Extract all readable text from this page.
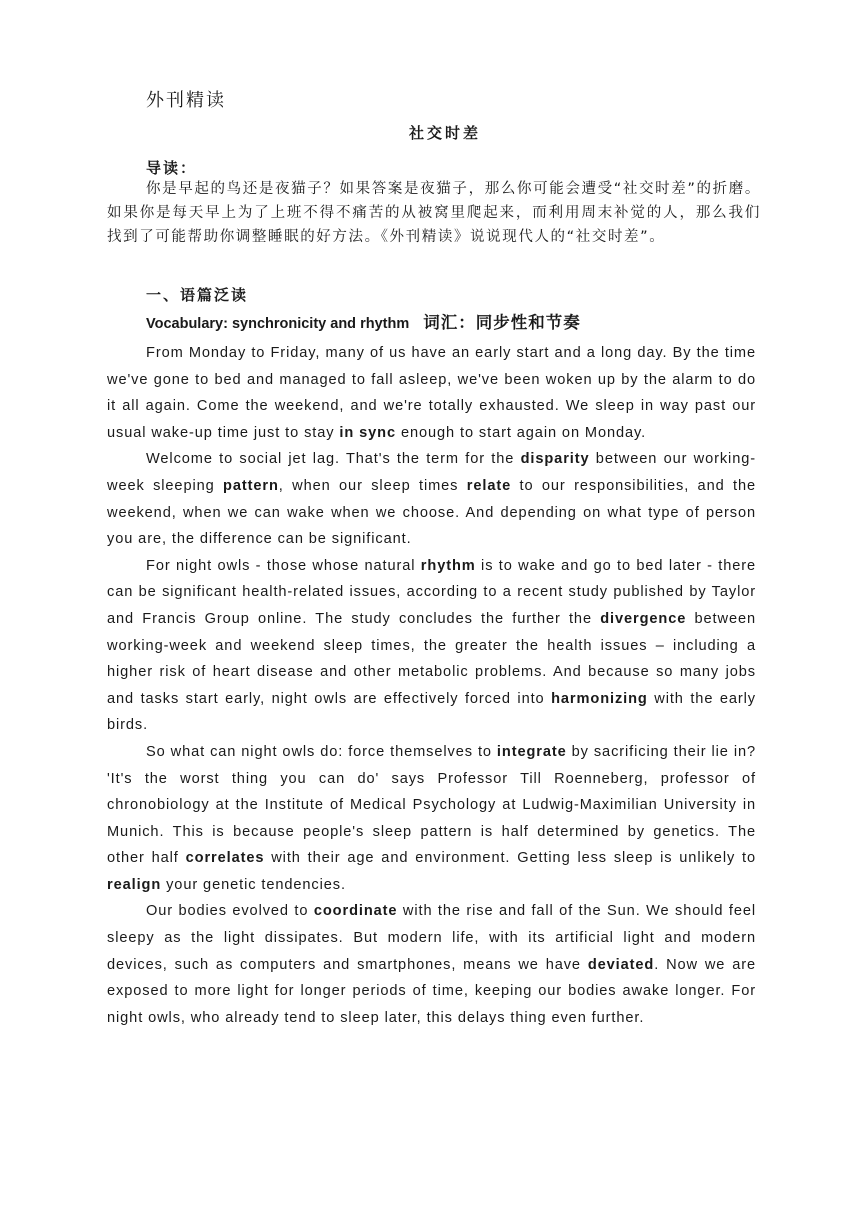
外刊精读
社交时差
导读：

你是早起的鸟还是夜猫子？如果答案是夜猫子，那么你可能会遭受“社交时差”的折磨。如果你是每天早上为了上班不得不痛苦的从被窝里爬起来，而利用周末补觉的人，那么我们找到了可能帮助你调整睡眠的好方法。《外刊精读》说说现代人的“社交时差”。

一、语篇泛读
Vocabulary: synchronicity and rhythm 词汇：同步性和节奏

From Monday to Friday, many of us have an early start and a long day. By the time we've gone to bed and managed to fall asleep, we've been woken up by the alarm to do it all again. Come the weekend, and we're totally exhausted. We sleep in way past our usual wake-up time just to stay in sync enough to start again on Monday.

Welcome to social jet lag. That's the term for the disparity between our working-week sleeping pattern, when our sleep times relate to our responsibilities, and the weekend, when we can wake when we choose. And depending on what type of person you are, the difference can be significant.

For night owls - those whose natural rhythm is to wake and go to bed later - there can be significant health-related issues, according to a recent study published by Taylor and Francis Group online. The study concludes the further the divergence between working-week and weekend sleep times, the greater the health issues – including a higher risk of heart disease and other metabolic problems. And because so many jobs and tasks start early, night owls are effectively forced into harmonizing with the early birds.

So what can night owls do: force themselves to integrate by sacrificing their lie in? 'It's the worst thing you can do' says Professor Till Roenneberg, professor of chronobiology at the Institute of Medical Psychology at Ludwig-Maximilian University in Munich. This is because people's sleep pattern is half determined by genetics. The other half correlates with their age and environment. Getting less sleep is unlikely to realign your genetic tendencies.

Our bodies evolved to coordinate with the rise and fall of the Sun. We should feel sleepy as the light dissipates. But modern life, with its artificial light and modern devices, such as computers and smartphones, means we have deviated. Now we are exposed to more light for longer periods of time, keeping our bodies awake longer. For night owls, who already tend to sleep later, this delays thing even further.
